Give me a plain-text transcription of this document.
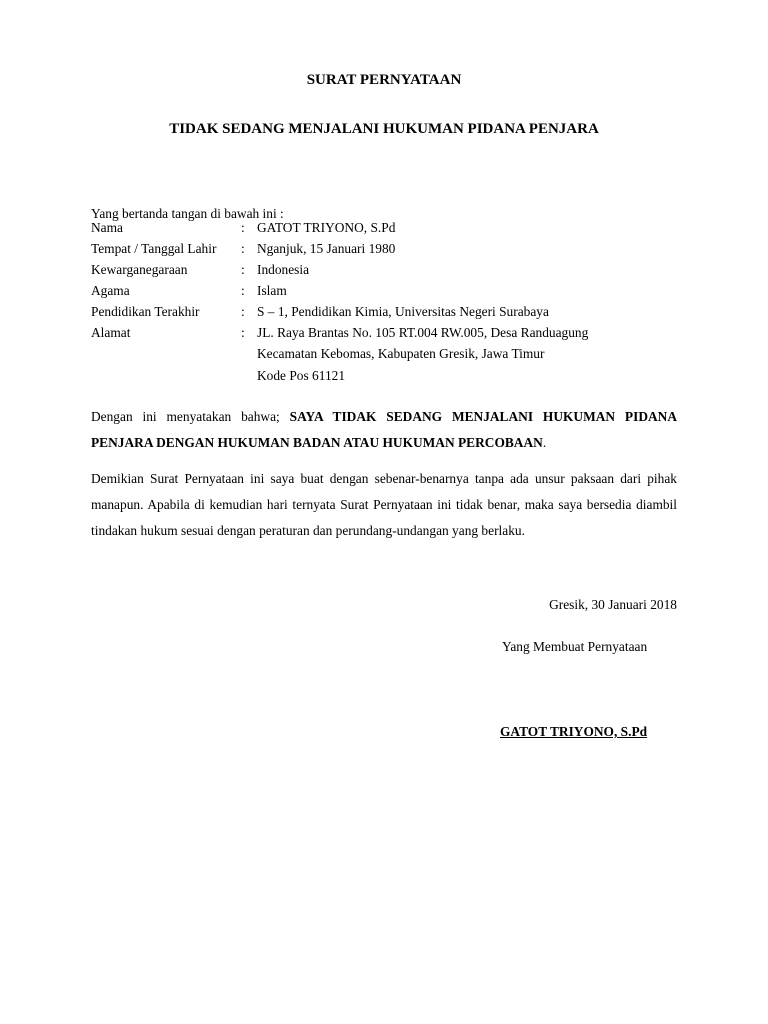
SURAT PERNYATAAN
TIDAK SEDANG MENJALANI HUKUMAN PIDANA PENJARA
Yang bertanda tangan di bawah ini :
Nama	: GATOT TRIYONO, S.Pd
Tempat / Tanggal Lahir	: Nganjuk, 15 Januari 1980
Kewarganegaraan	: Indonesia
Agama	: Islam
Pendidikan Terakhir	: S – 1, Pendidikan Kimia, Universitas Negeri Surabaya
Alamat	: JL. Raya Brantas No. 105 RT.004 RW.005, Desa Randuagung
Kecamatan Kebomas, Kabupaten Gresik, Jawa Timur
Kode Pos 61121
Dengan ini menyatakan bahwa; SAYA TIDAK SEDANG MENJALANI HUKUMAN PIDANA PENJARA DENGAN HUKUMAN BADAN ATAU HUKUMAN PERCOBAAN.
Demikian Surat Pernyataan ini saya buat dengan sebenar-benarnya tanpa ada unsur paksaan dari pihak manapun. Apabila di kemudian hari ternyata Surat Pernyataan ini tidak benar, maka saya bersedia diambil tindakan hukum sesuai dengan peraturan dan perundang-undangan yang berlaku.
Gresik, 30 Januari 2018
Yang Membuat Pernyataan
GATOT TRIYONO, S.Pd
